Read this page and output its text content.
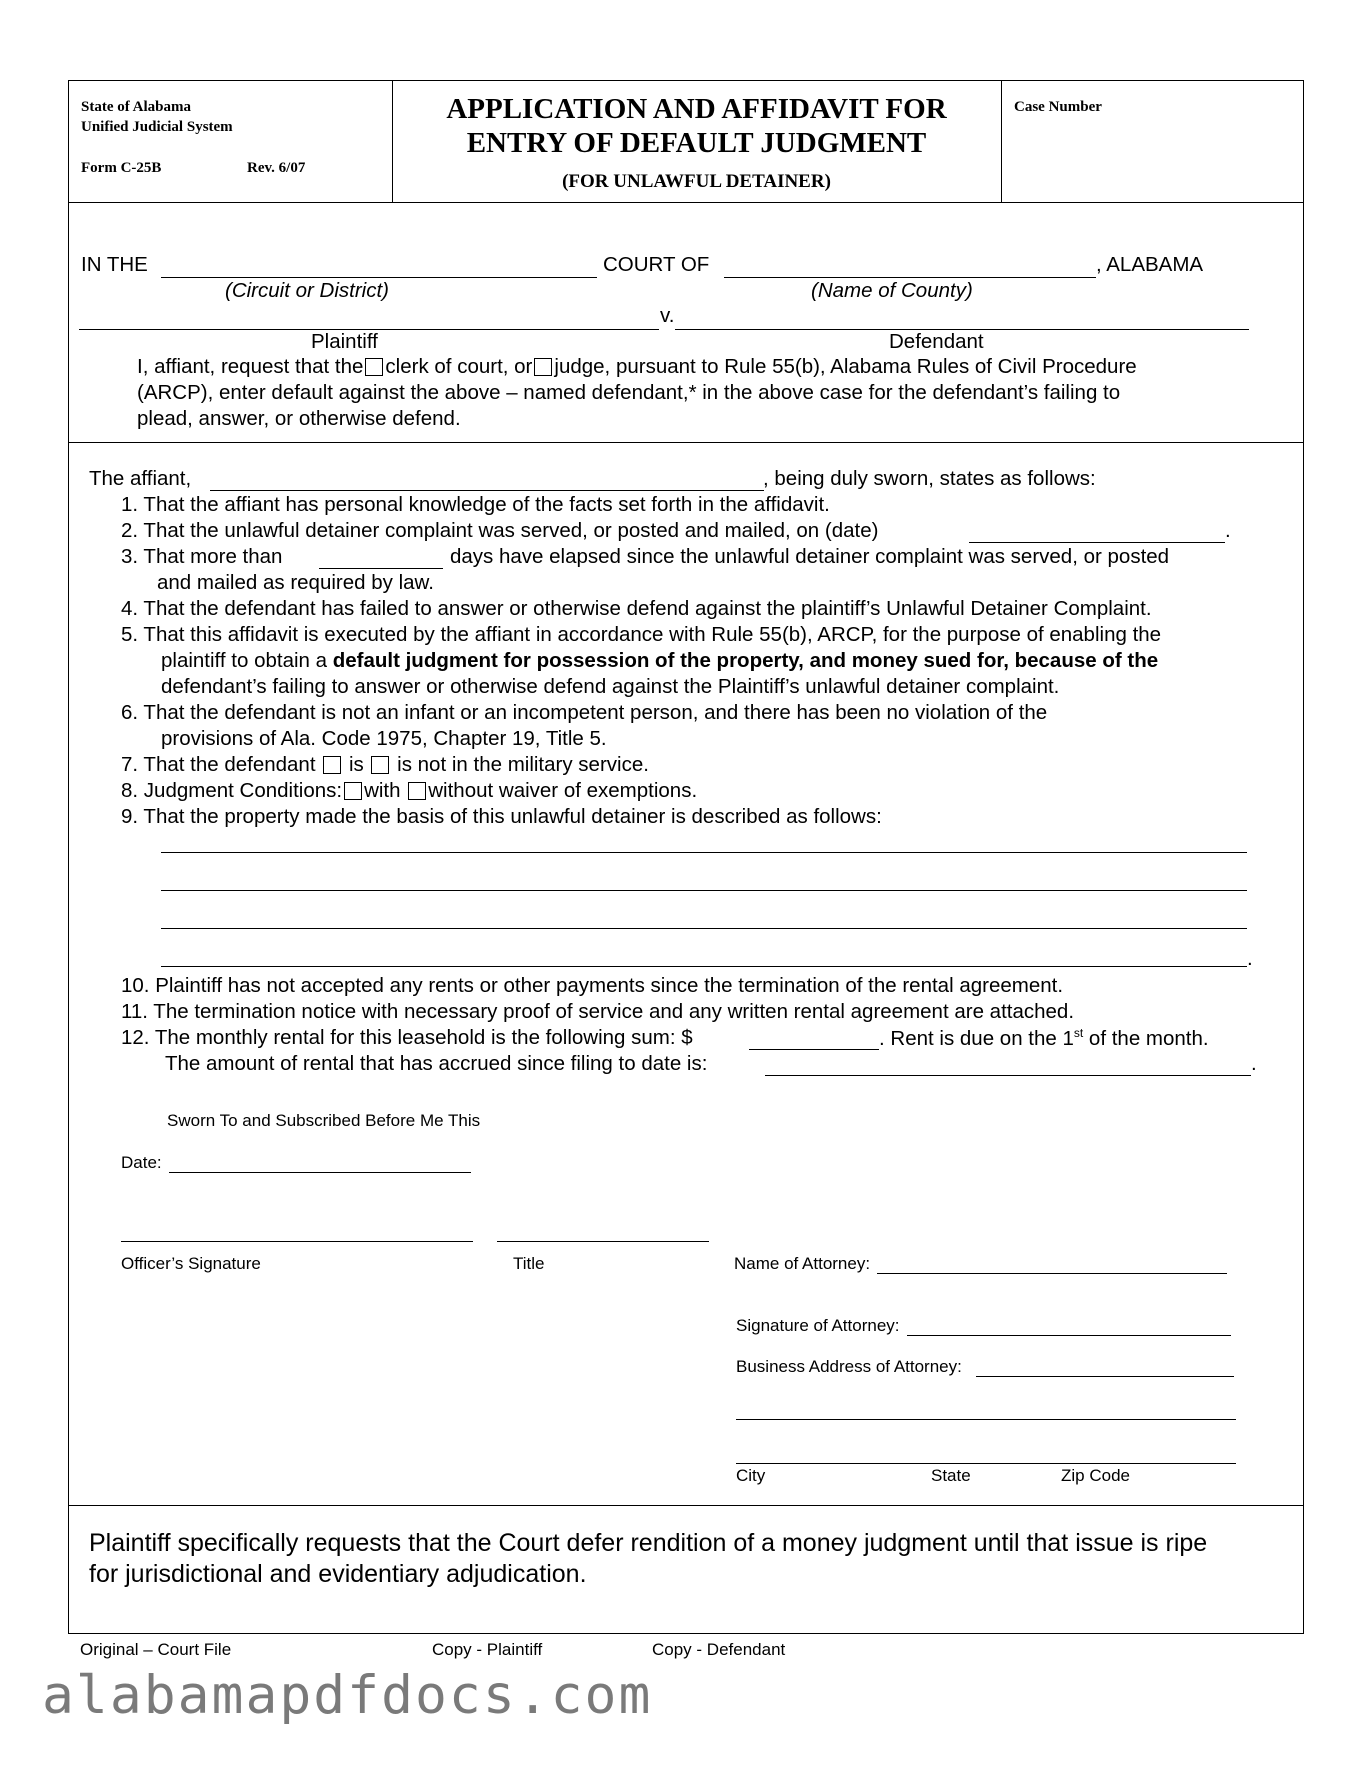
State of Alabama
Unified Judicial System
Form C-25B	Rev. 6/07
APPLICATION AND AFFIDAVIT FOR
ENTRY OF DEFAULT JUDGMENT
(FOR UNLAWFUL DETAINER)
Case Number
IN THE	COURT OF	, ALABAMA
(Circuit or District)	(Name of County)
v.
Plaintiff	Defendant
I, affiant, request that the clerk of court, or judge, pursuant to Rule 55(b), Alabama Rules of Civil Procedure
(ARCP), enter default against the above – named defendant,* in the above case for the defendant’s failing to
plead, answer, or otherwise defend.
The affiant,	, being duly sworn, states as follows:
1. That the affiant has personal knowledge of the facts set forth in the affidavit.
2. That the unlawful detainer complaint was served, or posted and mailed, on (date)	.
3. That more than	days have elapsed since the unlawful detainer complaint was served, or posted
and mailed as required by law.
4. That the defendant has failed to answer or otherwise defend against the plaintiff’s Unlawful Detainer Complaint.
5. That this affidavit is executed by the affiant in accordance with Rule 55(b), ARCP, for the purpose of enabling the
plaintiff to obtain a default judgment for possession of the property, and money sued for, because of the
defendant’s failing to answer or otherwise defend against the Plaintiff’s unlawful detainer complaint.
6. That the defendant is not an infant or an incompetent person, and there has been no violation of the
provisions of Ala. Code 1975, Chapter 19, Title 5.
7. That the defendant is is not in the military service.
8. Judgment Conditions: with without waiver of exemptions.
9. That the property made the basis of this unlawful detainer is described as follows:
.
10. Plaintiff has not accepted any rents or other payments since the termination of the rental agreement.
11. The termination notice with necessary proof of service and any written rental agreement are attached.
12. The monthly rental for this leasehold is the following sum: $	. Rent is due on the 1st of the month.
The amount of rental that has accrued since filing to date is:	.
Sworn To and Subscribed Before Me This
Date:
Officer’s Signature	Title	Name of Attorney:
Signature of Attorney:
Business Address of Attorney:
City	State	Zip Code
Plaintiff specifically requests that the Court defer rendition of a money judgment until that issue is ripe
for jurisdictional and evidentiary adjudication.
Original – Court File	Copy - Plaintiff	Copy - Defendant
alabamapdfdocs.com
